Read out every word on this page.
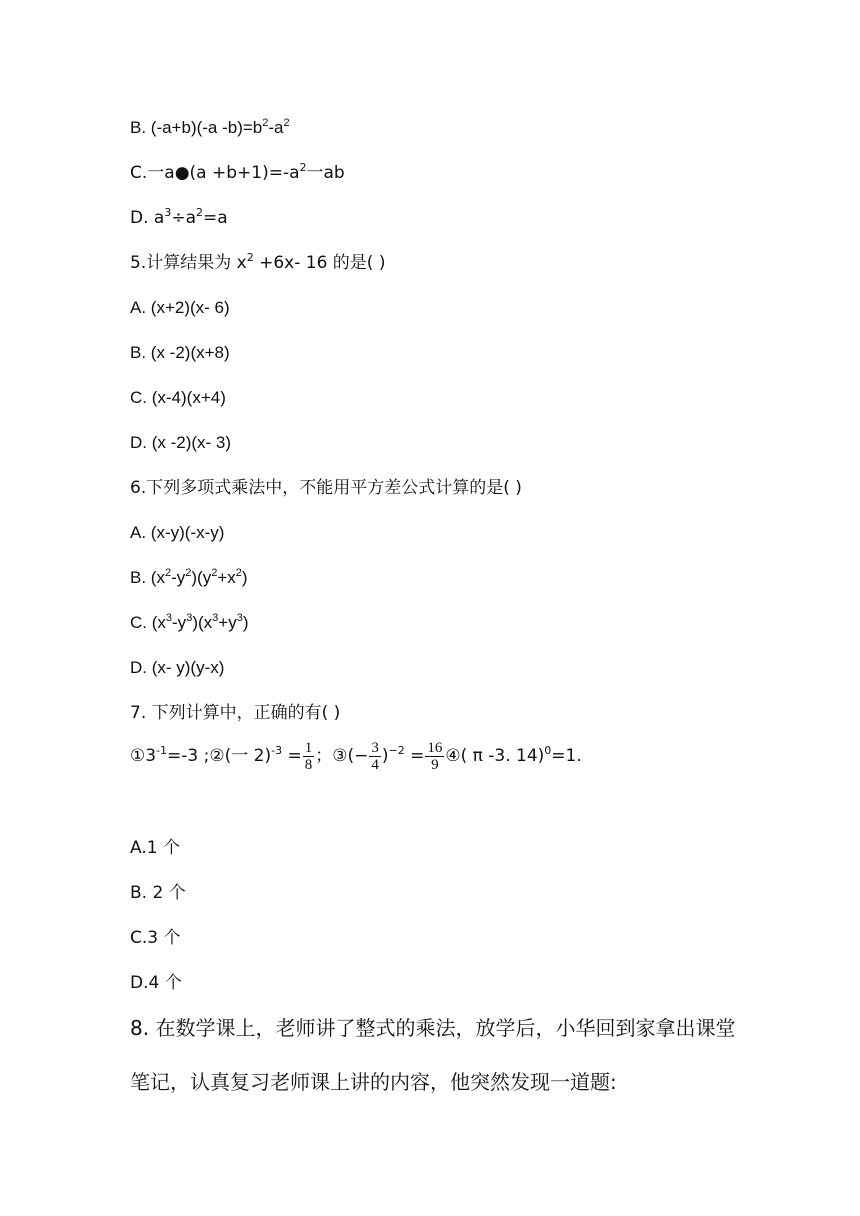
B. (-a+b)(-a $-b)=b^2-a^2$
C.一a●(a $+b+1)=-a^2$一ab
D. $a^3\div a^2=a$
5.计算结果为 $x^2 +6x-$ 16 的是( )
A. (x+2)(x- 6)
B. (x -2)(x+8)
C. (x-4)(x+4)
D. (x -2)(x- 3)
6.下列多项式乘法中，不能用平方差公式计算的是( )
A. (x-y)(-x-y)
B. $(x^2-y^2)(y^2+x^2)$
C. $(x^3-y^3)(x^3+y^3)$
D. (x- y)(y-x)
7. 下列计算中，正确的有( )
$①3^{-1}=-3$ ;②(一 $2)^{-3} = \frac{1}{8}$ ；③(− $\frac{3}{4} )^{-2} = \frac{16}{9}$ ④( π -3. 14)$^0$=1.
A.1 个
B. 2 个
C.3 个
D.4 个
8. 在数学课上，老师讲了整式的乘法，放学后，小华回到家拿出课堂
笔记，认真复习老师课上讲的内容，他突然发现一道题:
